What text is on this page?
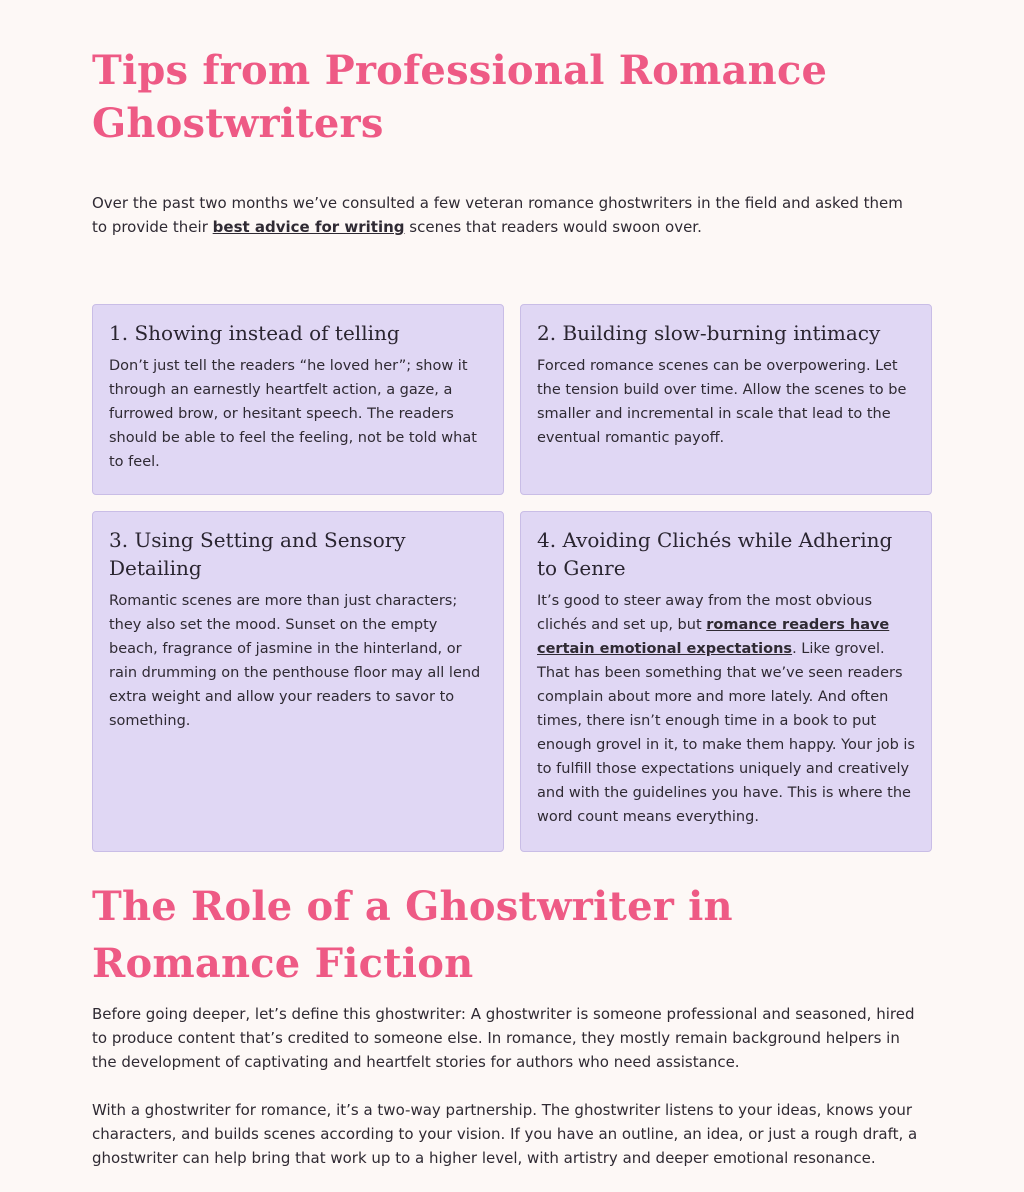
Tips from Professional Romance Ghostwriters

Over the past two months we’ve consulted a few veteran romance ghostwriters in the field and asked them to provide their best advice for writing scenes that readers would swoon over.

1. Showing instead of telling

Don’t just tell the readers “he loved her”; show it through an earnestly heartfelt action, a gaze, a furrowed brow, or hesitant speech. The readers should be able to feel the feeling, not be told what to feel.

2. Building slow-burning intimacy

Forced romance scenes can be overpowering. Let the tension build over time. Allow the scenes to be smaller and incremental in scale that lead to the eventual romantic payoff.

3. Using Setting and Sensory Detailing

Romantic scenes are more than just characters; they also set the mood. Sunset on the empty beach, fragrance of jasmine in the hinterland, or rain drumming on the penthouse floor may all lend extra weight and allow your readers to savor to something.

4. Avoiding Clichés while Adhering to Genre

It’s good to steer away from the most obvious clichés and set up, but romance readers have certain emotional expectations. Like grovel. That has been something that we’ve seen readers complain about more and more lately. And often times, there isn’t enough time in a book to put enough grovel in it, to make them happy. Your job is to fulfill those expectations uniquely and creatively and with the guidelines you have. This is where the word count means everything.

The Role of a Ghostwriter in Romance Fiction

Before going deeper, let’s define this ghostwriter: A ghostwriter is someone professional and seasoned, hired to produce content that’s credited to someone else. In romance, they mostly remain background helpers in the development of captivating and heartfelt stories for authors who need assistance.

With a ghostwriter for romance, it’s a two-way partnership. The ghostwriter listens to your ideas, knows your characters, and builds scenes according to your vision. If you have an outline, an idea, or just a rough draft, a ghostwriter can help bring that work up to a higher level, with artistry and deeper emotional resonance.
